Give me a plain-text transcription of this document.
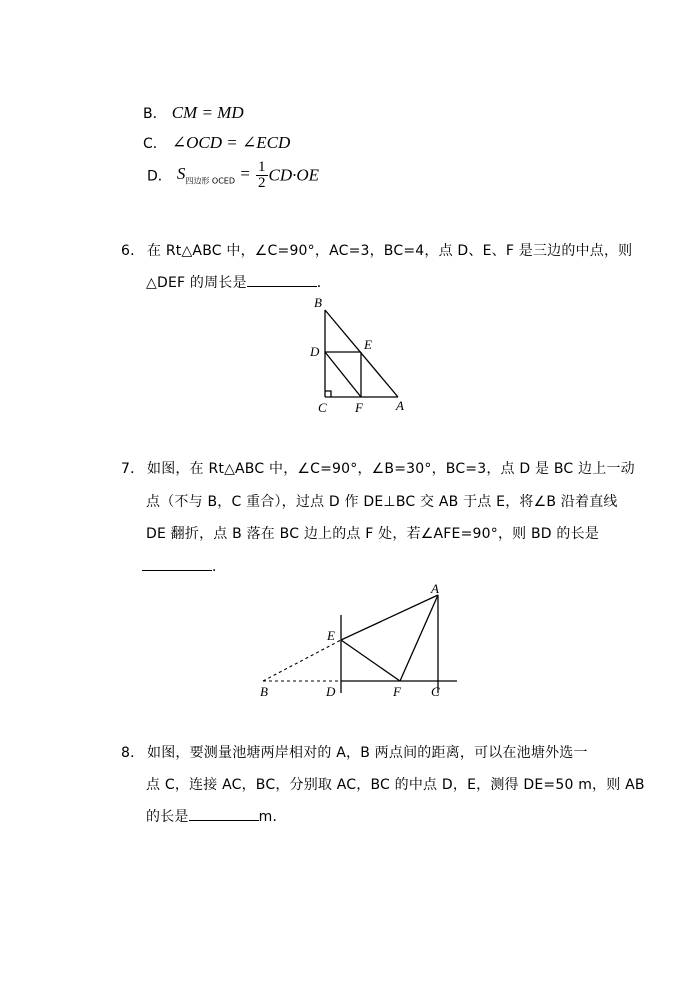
B． CM = MD
C． ∠OCD = ∠ECD
D． $S_{四边形 OCED} = \frac{1}{2} CD\cdot OE$
6． 在 Rt△ABC 中，∠C=90°，AC=3，BC=4，点 D、E、F 是三边的中点，则
△DEF 的周长是	．
B
D	E
C F	A
7． 如图，在 Rt△ABC 中，∠C=90°，∠B=30°，BC=3，点 D 是 BC 边上一动
点（不与 B，C 重合），过点 D 作 DE⊥BC 交 AB 于点 E，将∠B 沿着直线
DE 翻折，点 B 落在 BC 边上的点 F 处，若∠AFE=90°，则 BD 的长是
．
A
E
B	D	F C
8． 如图，要测量池塘两岸相对的 A，B 两点间的距离，可以在池塘外选一
点 C，连接 AC，BC，分别取 AC，BC 的中点 D，E，测得 DE=50 m，则 AB
的长是	m．
